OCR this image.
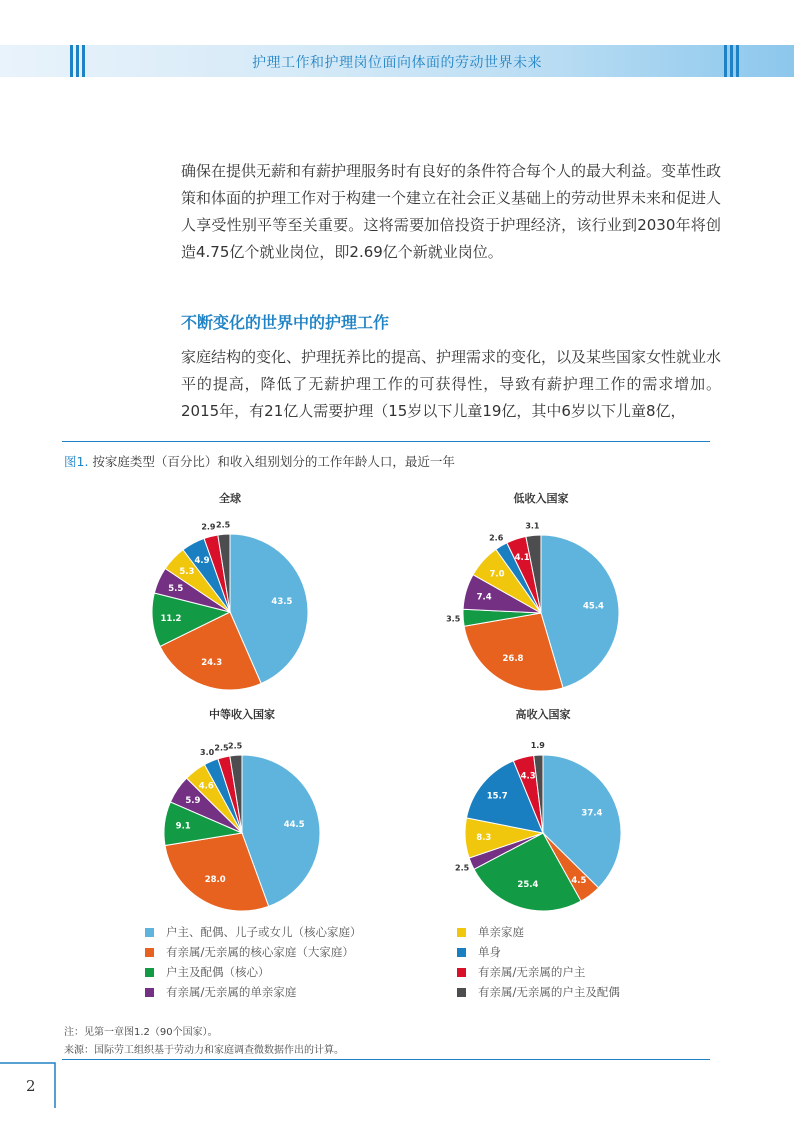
护理工作和护理岗位面向体面的劳动世界未来

确保在提供无薪和有薪护理服务时有良好的条件符合每个人的最大利益。变革性政策和体面的护理工作对于构建一个建立在社会正义基础上的劳动世界未来和促进人人享受性别平等至关重要。这将需要加倍投资于护理经济，该行业到2030年将创造4.75亿个就业岗位，即2.69亿个新就业岗位。

不断变化的世界中的护理工作

家庭结构的变化、护理抚养比的提高、护理需求的变化，以及某些国家女性就业水平的提高，降低了无薪护理工作的可获得性，导致有薪护理工作的需求增加。2015年，有21亿人需要护理（15岁以下儿童19亿，其中6岁以下儿童8亿，

图1. 按家庭类型（百分比）和收入组别划分的工作年龄人口，最近一年
全球
43.5
24.3
11.2
5.5
5.3
4.9
2.9 2.5
低收入国家
45.4
26.8
3.5
7.4
7.0
2.6
4.1
3.1
中等收入国家
44.5
28.0
9.1
5.9
4.6
3.0
2.5 2.5
高收入国家
37.4
4.5
25.4
2.5
8.3
15.7
4.3
1.9
户主、配偶、儿子或女儿（核心家庭）
有亲属/无亲属的核心家庭（大家庭）
户主及配偶（核心）
有亲属/无亲属的单亲家庭
单亲家庭
单身
有亲属/无亲属的户主
有亲属/无亲属的户主及配偶
注：见第一章图1.2（90个国家）。
来源：国际劳工组织基于劳动力和家庭调查微数据作出的计算。
2
